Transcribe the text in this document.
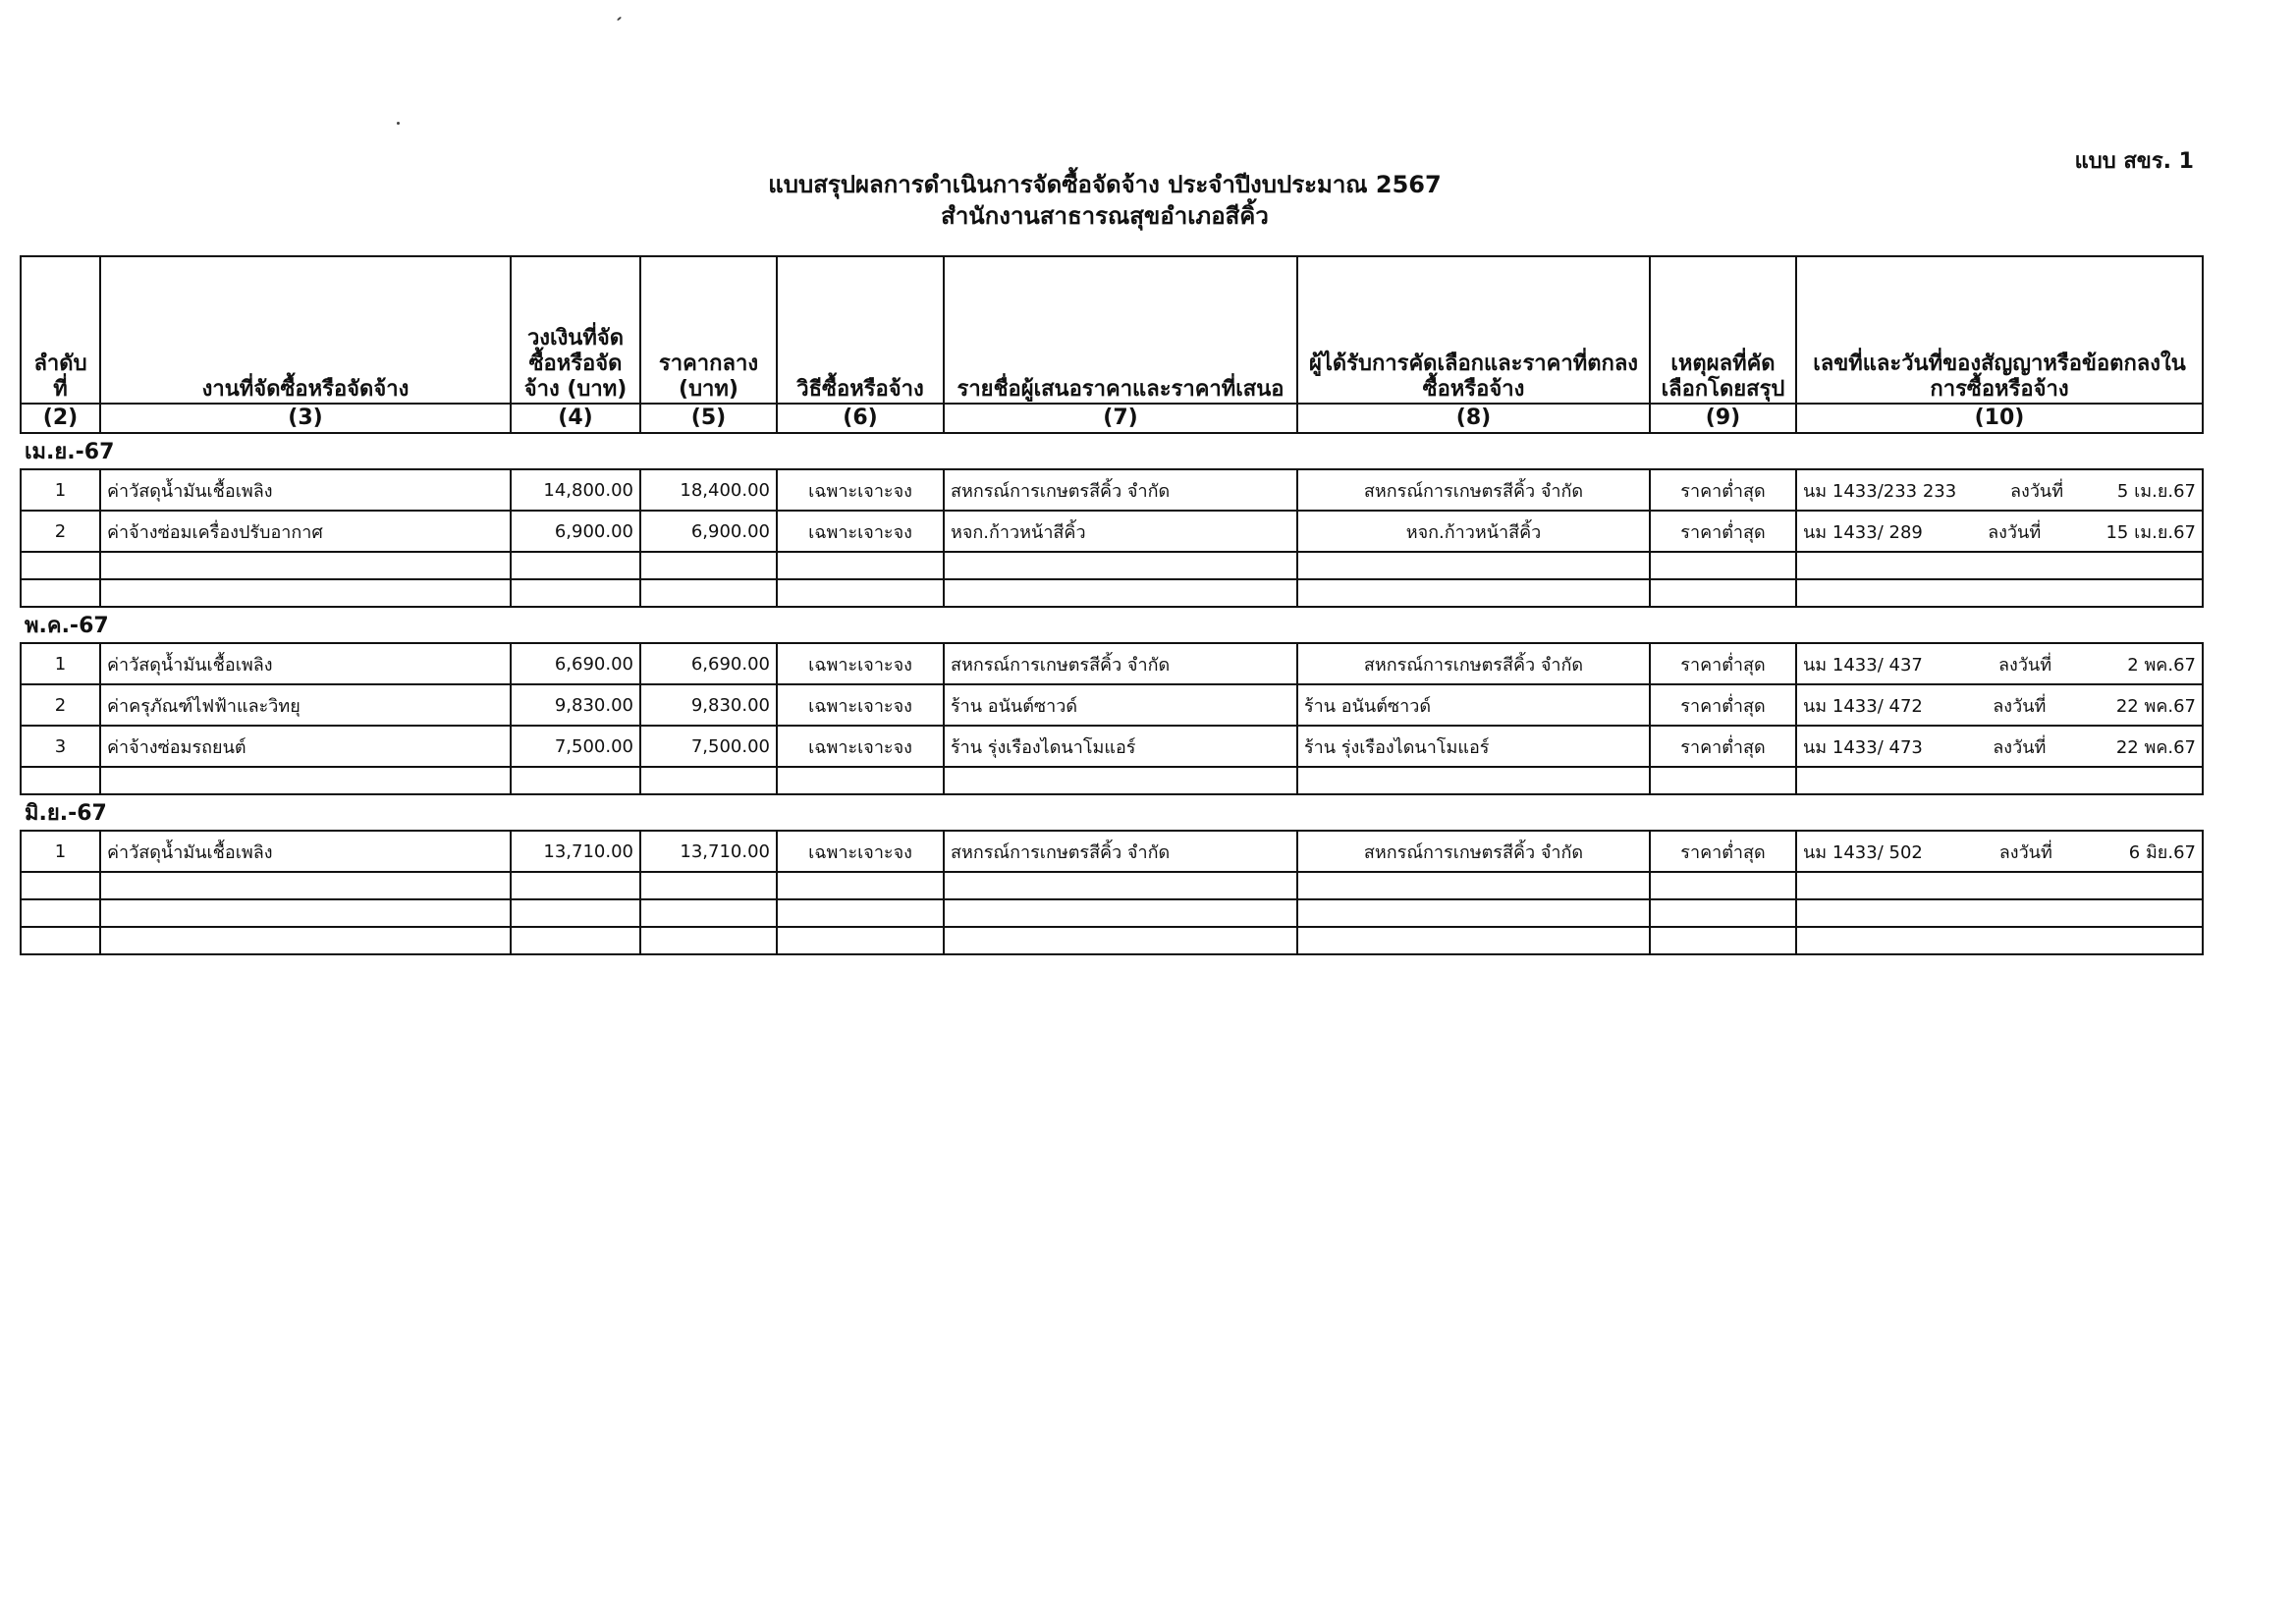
แบบ สขร. 1
แบบสรุปผลการดำเนินการจัดซื้อจัดจ้าง ประจำปีงบประมาณ 2567
สำนักงานสาธารณสุขอำเภอสีคิ้ว
ลำดับที่	งานที่จัดซื้อหรือจัดจ้าง	วงเงินที่จัดซื้อหรือจัดจ้าง (บาท)	ราคากลาง (บาท)	วิธีซื้อหรือจ้าง	รายชื่อผู้เสนอราคาและราคาที่เสนอ	ผู้ได้รับการคัดเลือกและราคาที่ตกลงซื้อหรือจ้าง	เหตุผลที่คัดเลือกโดยสรุป	เลขที่และวันที่ของสัญญาหรือข้อตกลงในการซื้อหรือจ้าง
(2)	(3)	(4)	(5)	(6)	(7)	(8)	(9)	(10)
เม.ย.-67								
1	ค่าวัสดุน้ำมันเชื้อเพลิง	14,800.00	18,400.00	เฉพาะเจาะจง	สหกรณ์การเกษตรสีคิ้ว จำกัด	สหกรณ์การเกษตรสีคิ้ว จำกัด	ราคาต่ำสุด	นม 1433/233 233 ลงวันที่ 5 เม.ย.67

2	ค่าจ้างซ่อมเครื่องปรับอากาศ	6,900.00	6,900.00	เฉพาะเจาะจง	หจก.ก้าวหน้าสีคิ้ว	หจก.ก้าวหน้าสีคิ้ว	ราคาต่ำสุด	นม 1433/ 289 ลงวันที่ 15 เม.ย.67

พ.ค.-67								
1	ค่าวัสดุน้ำมันเชื้อเพลิง	6,690.00	6,690.00	เฉพาะเจาะจง	สหกรณ์การเกษตรสีคิ้ว จำกัด	สหกรณ์การเกษตรสีคิ้ว จำกัด	ราคาต่ำสุด	นม 1433/ 437 ลงวันที่ 2 พค.67

2	ค่าครุภัณฑ์ไฟฟ้าและวิทยุ	9,830.00	9,830.00	เฉพาะเจาะจง	ร้าน อนันต์ซาวด์	ร้าน อนันต์ซาวด์	ราคาต่ำสุด	นม 1433/ 472 ลงวันที่ 22 พค.67

3	ค่าจ้างซ่อมรถยนต์	7,500.00	7,500.00	เฉพาะเจาะจง	ร้าน รุ่งเรืองไดนาโมแอร์	ร้าน รุ่งเรืองไดนาโมแอร์	ราคาต่ำสุด	นม 1433/ 473 ลงวันที่ 22 พค.67

มิ.ย.-67								
1	ค่าวัสดุน้ำมันเชื้อเพลิง	13,710.00	13,710.00	เฉพาะเจาะจง	สหกรณ์การเกษตรสีคิ้ว จำกัด	สหกรณ์การเกษตรสีคิ้ว จำกัด	ราคาต่ำสุด	นม 1433/ 502 ลงวันที่ 6 มิย.67
